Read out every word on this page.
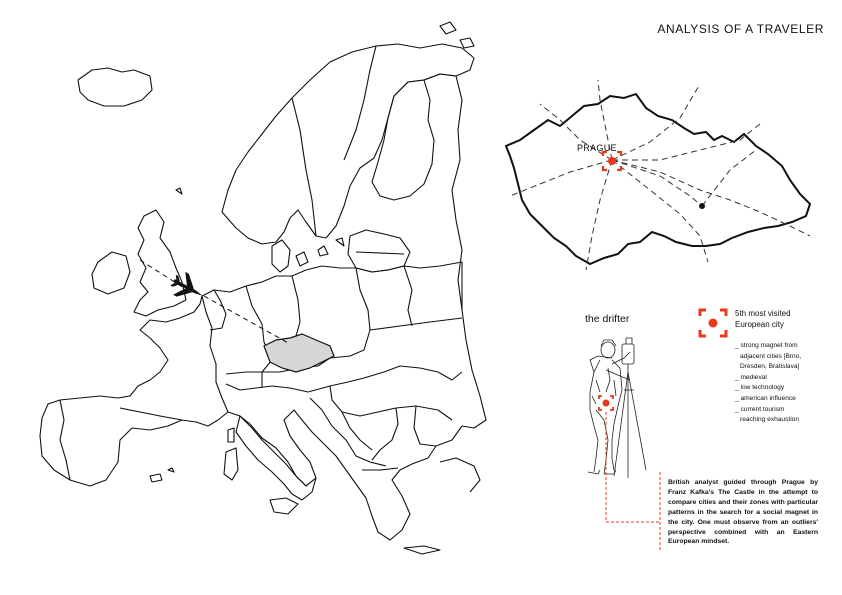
ANALYSIS OF A TRAVELER
PRAGUE
the drifter	5th most visited
European city
_ strong magnet from
adjacent cities [Brno,
Dresden, Bratislava]
_ medieval
_ low technology
_ american influence
_ current tourism
reaching exhaustion
British analyst guided through Prague by Franz Kafka's The Castle in the attempt to compare cities and their zones with particular patterns in the search for a social magnet in the city. One must observe from an outliers' perspective combined with an Eastern European mindset.
